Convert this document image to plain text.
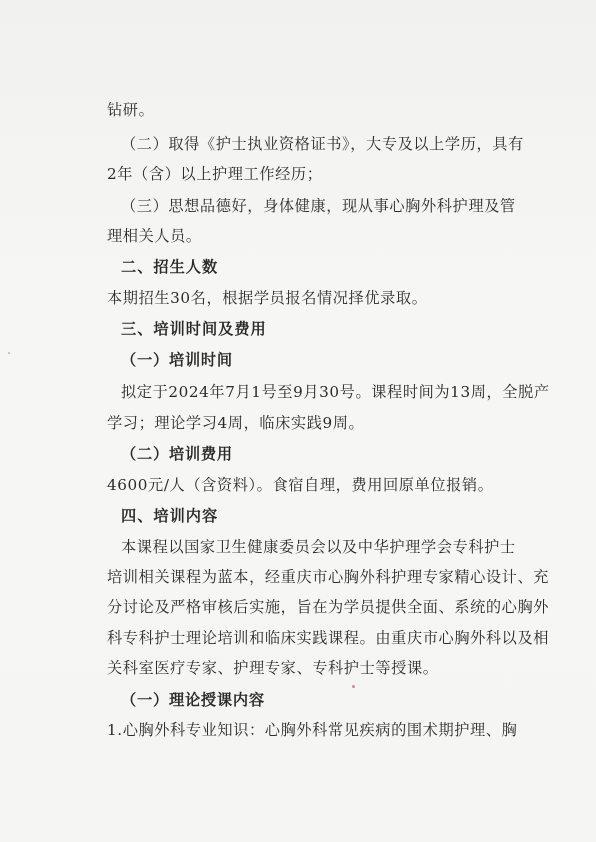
钻研。
（二）取得《护士执业资格证书》，大专及以上学历，具有
2年（含）以上护理工作经历；
（三）思想品德好，身体健康，现从事心胸外科护理及管
理相关人员。
二、招生人数
本期招生30名，根据学员报名情况择优录取。
三、培训时间及费用
（一）培训时间
拟定于2024年7月1号至9月30号。课程时间为13周，全脱产
学习；理论学习4周，临床实践9周。
（二）培训费用
4600元/人（含资料）。食宿自理，费用回原单位报销。
四、培训内容
本课程以国家卫生健康委员会以及中华护理学会专科护士
培训相关课程为蓝本，经重庆市心胸外科护理专家精心设计、充
分讨论及严格审核后实施，旨在为学员提供全面、系统的心胸外
科专科护士理论培训和临床实践课程。由重庆市心胸外科以及相
关科室医疗专家、护理专家、专科护士等授课。
（一）理论授课内容
1.心胸外科专业知识：心胸外科常见疾病的围术期护理、胸
